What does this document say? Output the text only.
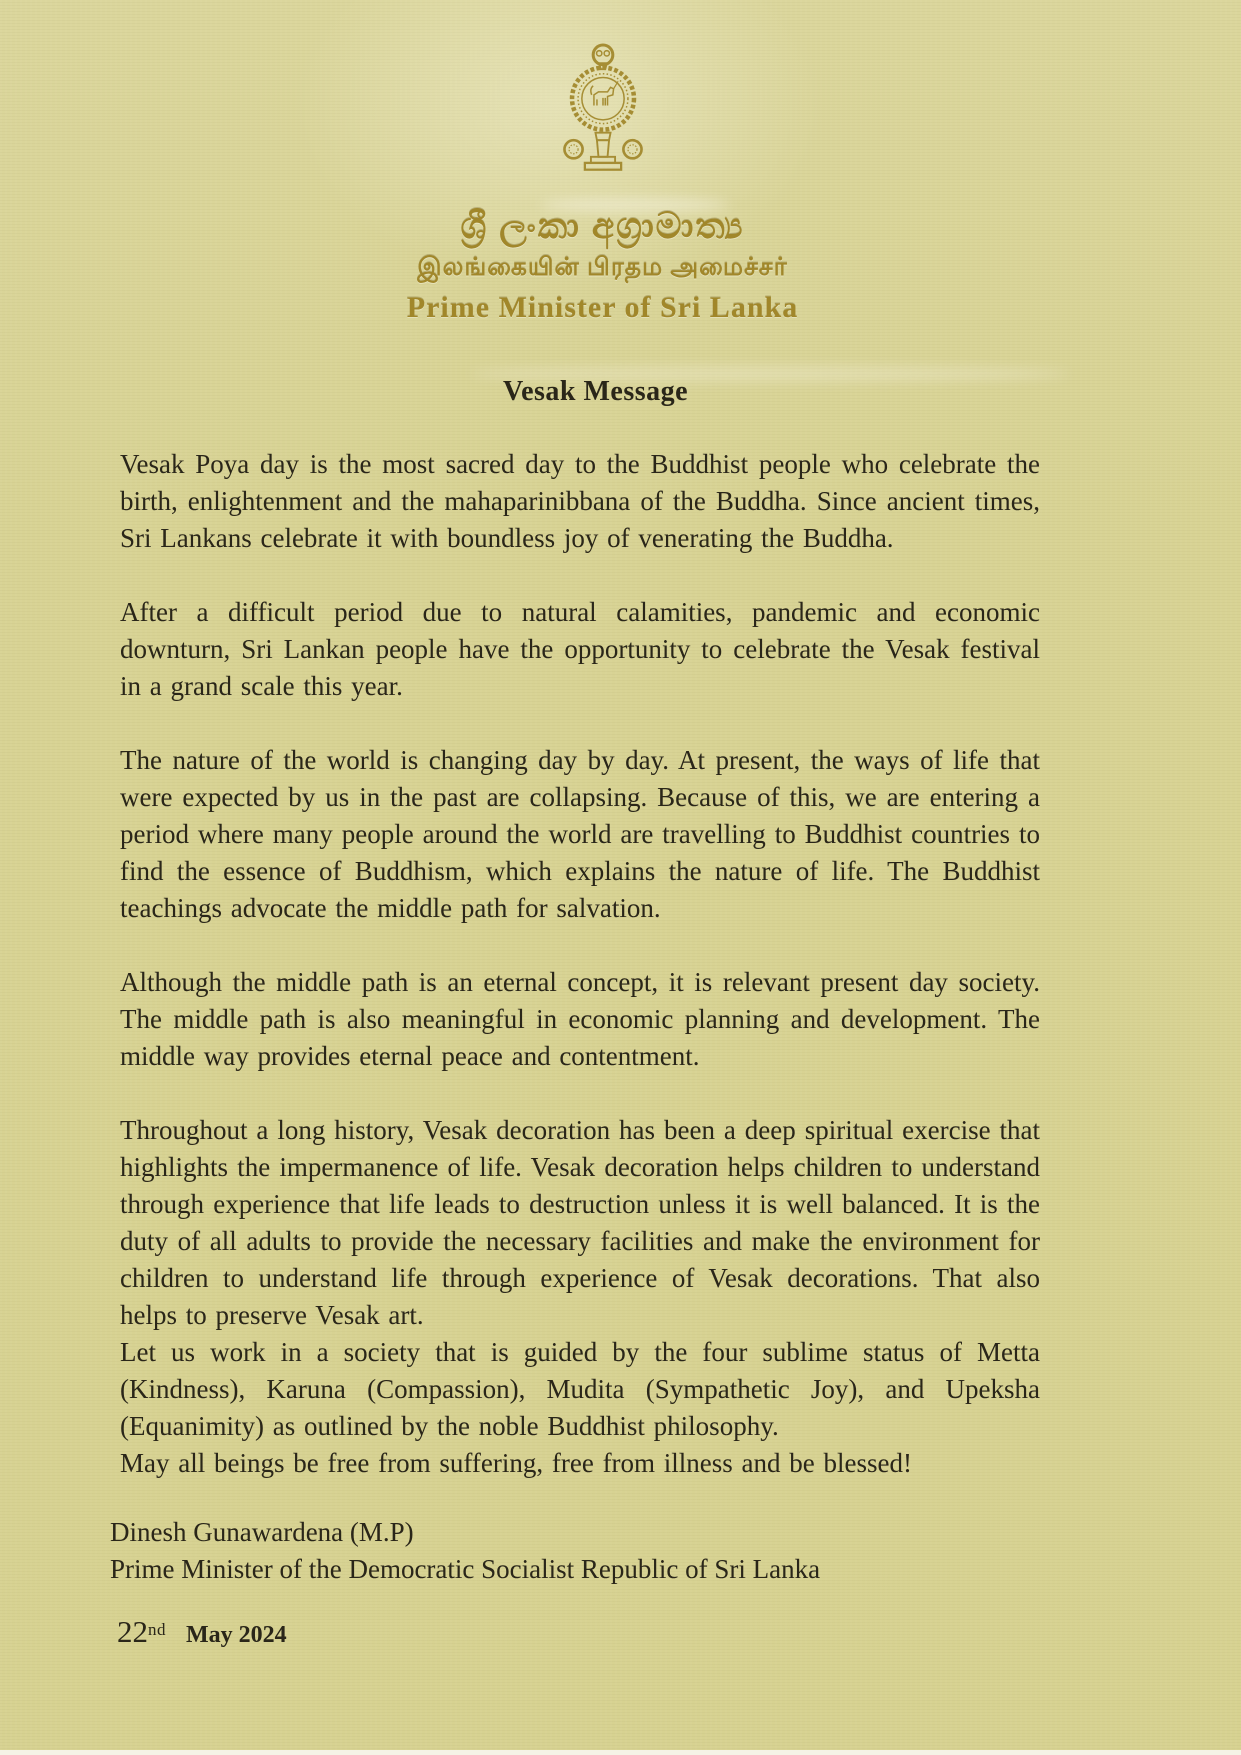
ශ්‍රී ලංකා අග්‍රාමාත්‍ය
இலங்கையின் பிரதம அமைச்சர்
Prime Minister of Sri Lanka
Vesak Message

Vesak Poya day is the most sacred day to the Buddhist people who celebrate the birth, enlightenment and the mahaparinibbana of the Buddha. Since ancient times, Sri Lankans celebrate it with boundless joy of venerating the Buddha.

After a difficult period due to natural calamities, pandemic and economic downturn, Sri Lankan people have the opportunity to celebrate the Vesak festival in a grand scale this year.

The nature of the world is changing day by day. At present, the ways of life that were expected by us in the past are collapsing. Because of this, we are entering a period where many people around the world are travelling to Buddhist countries to find the essence of Buddhism, which explains the nature of life. The Buddhist teachings advocate the middle path for salvation.

Although the middle path is an eternal concept, it is relevant present day society. The middle path is also meaningful in economic planning and development. The middle way provides eternal peace and contentment.

Throughout a long history, Vesak decoration has been a deep spiritual exercise that highlights the impermanence of life. Vesak decoration helps children to understand through experience that life leads to destruction unless it is well balanced. It is the duty of all adults to provide the necessary facilities and make the environment for children to understand life through experience of Vesak decorations. That also helps to preserve Vesak art.

Let us work in a society that is guided by the four sublime status of Metta (Kindness), Karuna (Compassion), Mudita (Sympathetic Joy), and Upeksha (Equanimity) as outlined by the noble Buddhist philosophy.

May all beings be free from suffering, free from illness and be blessed!

Dinesh Gunawardena (M.P)
Prime Minister of the Democratic Socialist Republic of Sri Lanka
22nd May 2024
